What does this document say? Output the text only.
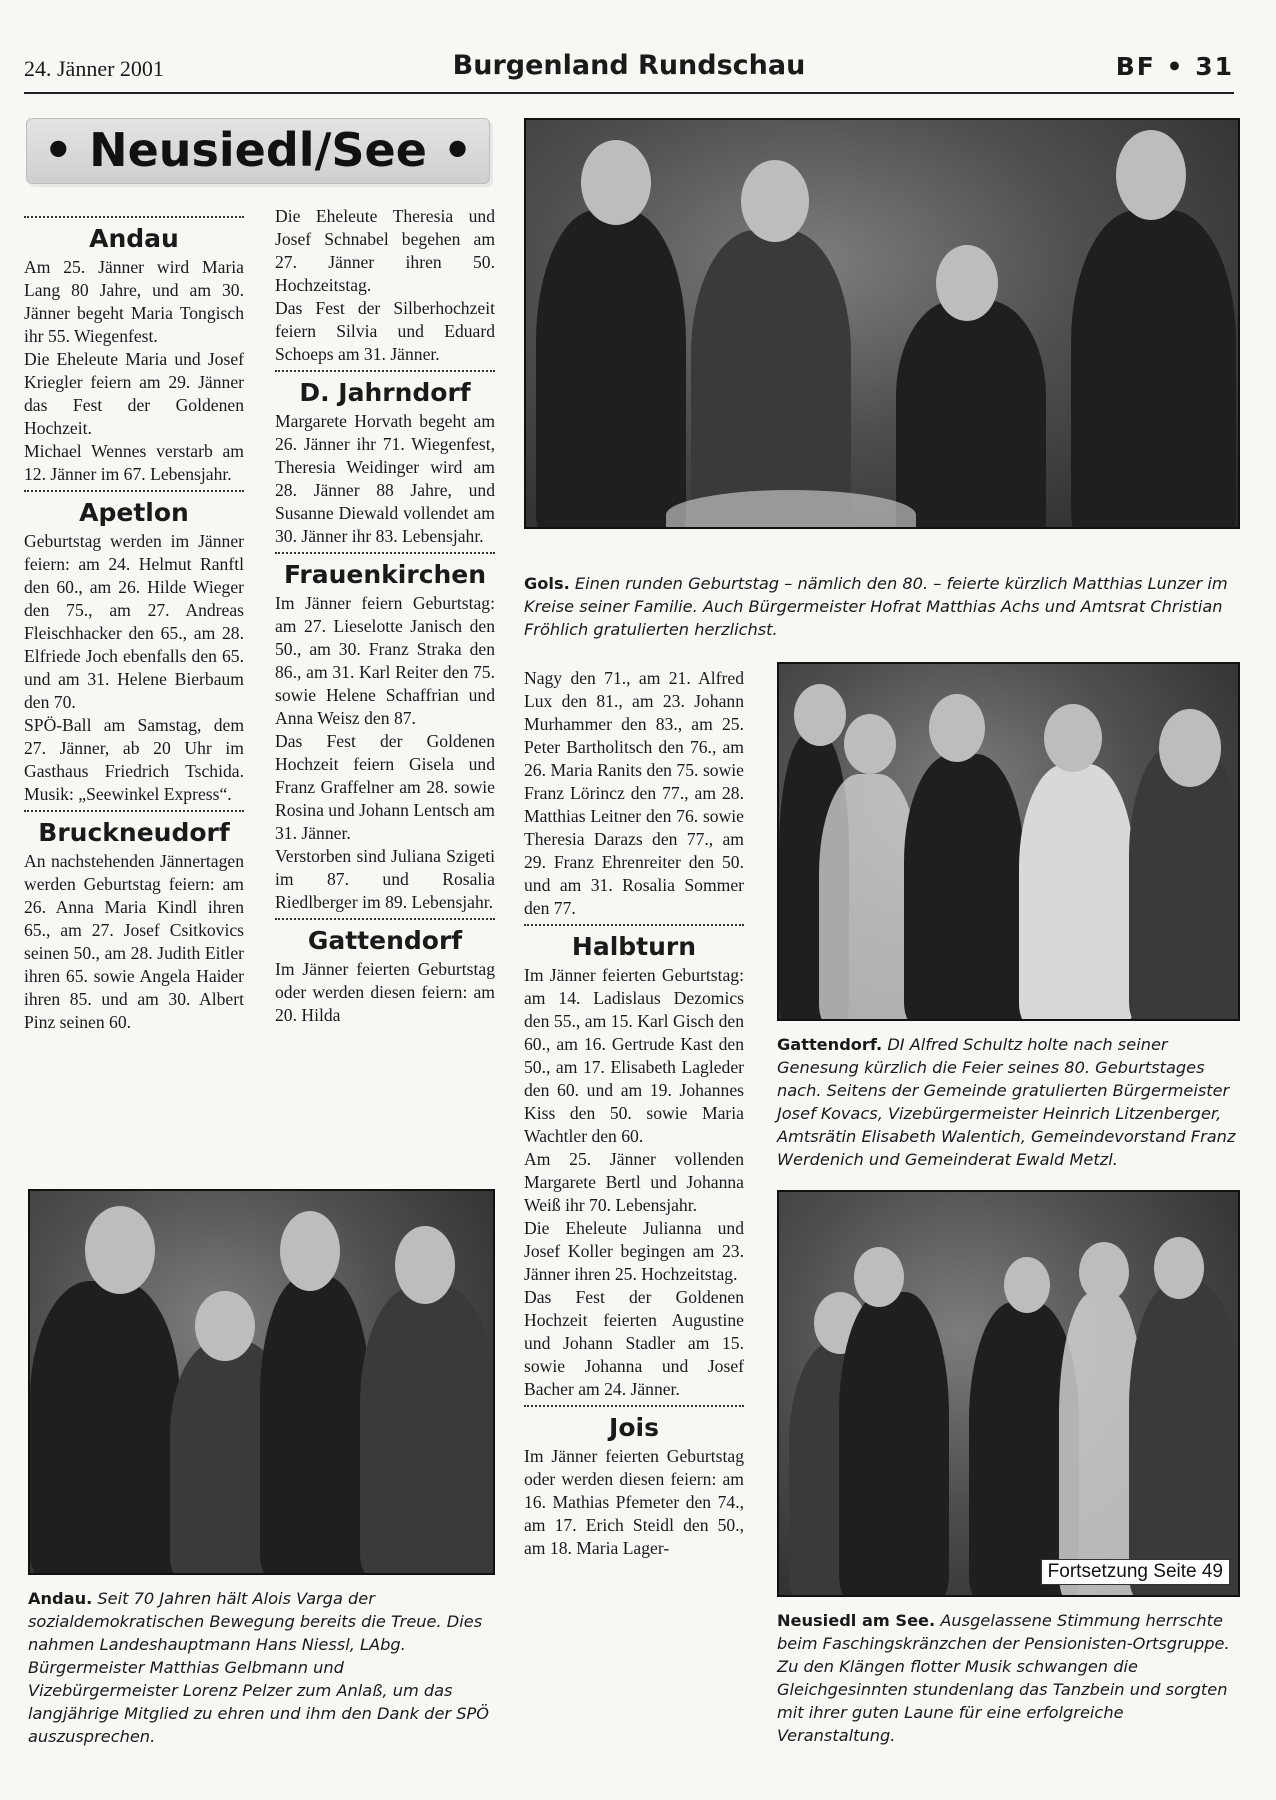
24. Jänner 2001	Burgenland Rundschau	BF • 31
• Neusiedl/See •
Andau

Am 25. Jänner wird Maria Lang 80 Jahre, und am 30. Jänner begeht Maria Tongisch ihr 55. Wiegenfest.

Die Eheleute Maria und Josef Kriegler feiern am 29. Jänner das Fest der Goldenen Hochzeit.

Michael Wennes verstarb am 12. Jänner im 67. Lebensjahr.

Apetlon

Geburtstag werden im Jänner feiern: am 24. Helmut Ranftl den 60., am 26. Hilde Wieger den 75., am 27. Andreas Fleischhacker den 65., am 28. Elfriede Joch ebenfalls den 65. und am 31. Helene Bierbaum den 70.

SPÖ-Ball am Samstag, dem 27. Jänner, ab 20 Uhr im Gasthaus Friedrich Tschida. Musik: „Seewinkel Express“.

Bruckneudorf

An nachstehenden Jännertagen werden Geburtstag feiern: am 26. Anna Maria Kindl ihren 65., am 27. Josef Csitkovics seinen 50., am 28. Judith Eitler ihren 65. sowie Angela Haider ihren 85. und am 30. Albert Pinz seinen 60.

Die Eheleute Theresia und Josef Schnabel begehen am 27. Jänner ihren 50. Hochzeitstag.

Das Fest der Silberhochzeit feiern Silvia und Eduard Schoeps am 31. Jänner.

D. Jahrndorf

Margarete Horvath begeht am 26. Jänner ihr 71. Wiegenfest, Theresia Weidinger wird am 28. Jänner 88 Jahre, und Susanne Diewald vollendet am 30. Jänner ihr 83. Lebensjahr.

Frauenkirchen

Im Jänner feiern Geburtstag: am 27. Lieselotte Janisch den 50., am 30. Franz Straka den 86., am 31. Karl Reiter den 75. sowie Helene Schaffrian und Anna Weisz den 87.

Das Fest der Goldenen Hochzeit feiern Gisela und Franz Graffelner am 28. sowie Rosina und Johann Lentsch am 31. Jänner.

Verstorben sind Juliana Szigeti im 87. und Rosalia Riedlberger im 89. Lebensjahr.

Gattendorf

Im Jänner feierten Geburtstag oder werden diesen feiern: am 20. Hilda

Nagy den 71., am 21. Alfred Lux den 81., am 23. Johann Murhammer den 83., am 25. Peter Bartholitsch den 76., am 26. Maria Ranits den 75. sowie Franz Lörincz den 77., am 28. Matthias Leitner den 76. sowie Theresia Darazs den 77., am 29. Franz Ehrenreiter den 50. und am 31. Rosalia Sommer den 77.

Halbturn

Im Jänner feierten Geburtstag: am 14. Ladislaus Dezomics den 55., am 15. Karl Gisch den 60., am 16. Gertrude Kast den 50., am 17. Elisabeth Lagleder den 60. und am 19. Johannes Kiss den 50. sowie Maria Wachtler den 60.

Am 25. Jänner vollenden Margarete Bertl und Johanna Weiß ihr 70. Lebensjahr.

Die Eheleute Julianna und Josef Koller begingen am 23. Jänner ihren 25. Hochzeitstag.

Das Fest der Goldenen Hochzeit feierten Augustine und Johann Stadler am 15. sowie Johanna und Josef Bacher am 24. Jänner.

Jois

Im Jänner feierten Geburtstag oder werden diesen feiern: am 16. Mathias Pfemeter den 74., am 17. Erich Steidl den 50., am 18. Maria Lager-

Gols. Einen runden Geburtstag – nämlich den 80. – feierte kürzlich Matthias Lunzer im Kreise seiner Familie. Auch Bürgermeister Hofrat Matthias Achs und Amtsrat Christian Fröhlich gratulierten herzlichst.
Gattendorf. DI Alfred Schultz holte nach seiner Genesung kürzlich die Feier seines 80. Geburtstages nach. Seitens der Gemeinde gratulierten Bürgermeister Josef Kovacs, Vizebürgermeister Heinrich Litzenberger, Amtsrätin Elisabeth Walentich, Gemeindevorstand Franz Werdenich und Gemeinderat Ewald Metzl.
Andau. Seit 70 Jahren hält Alois Varga der sozialdemokratischen Bewegung bereits die Treue. Dies nahmen Landeshauptmann Hans Niessl, LAbg. Bürgermeister Matthias Gelbmann und Vizebürgermeister Lorenz Pelzer zum Anlaß, um das langjährige Mitglied zu ehren und ihm den Dank der SPÖ auszusprechen.
Fortsetzung Seite 49
Neusiedl am See. Ausgelassene Stimmung herrschte beim Faschingskränzchen der Pensionisten-Ortsgruppe. Zu den Klängen flotter Musik schwangen die Gleichgesinnten stundenlang das Tanzbein und sorgten mit ihrer guten Laune für eine erfolgreiche Veranstaltung.
